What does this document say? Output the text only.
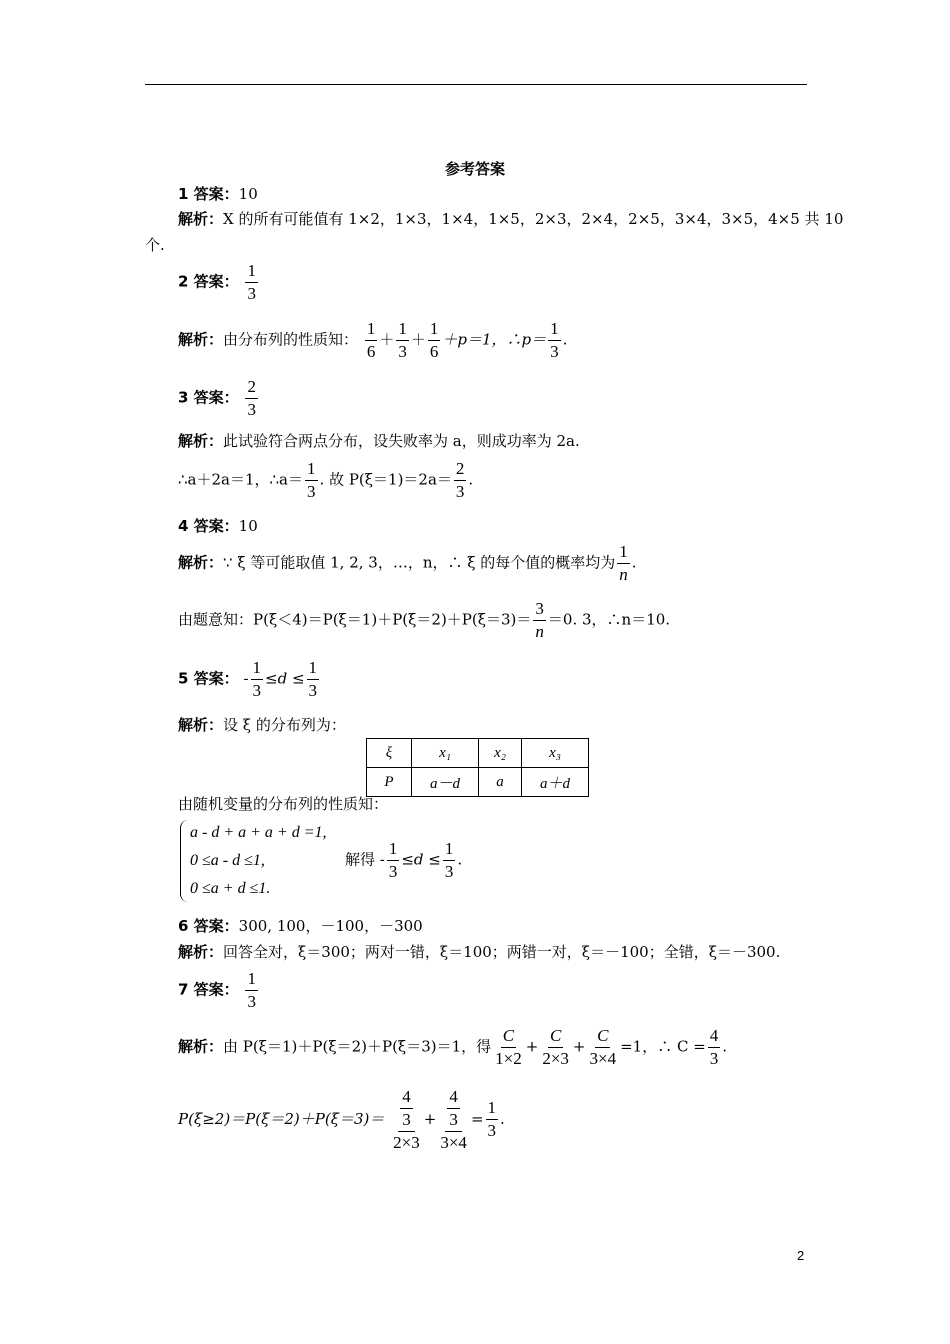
参考答案
1 答案：10
解析：X 的所有可能值有 1×2，1×3，1×4，1×5，2×3，2×4，2×5，3×4，3×5，4×5 共 10
个.
2 答案： $\frac{1}{3}$
解析：由分布列的性质知： $\frac{1}{6} + \frac{1}{3} + \frac{1}{6} +p=1$，∴p＝ $\frac{1}{3}$ .
3 答案： $\frac{2}{3}$
解析：此试验符合两点分布，设失败率为 a，则成功率为 2a.
∴a＋2a＝1，∴a＝ $\frac{1}{3}$ . 故 $P(\xi=1)=2a= \frac{2}{3}$ .
4 答案：10
解析：∵ ξ 等可能取值 1, 2, 3，…，n，∴ ξ 的每个值的概率均为 $\frac{1}{n}$ .
由题意知：$P(\xi<4)=P(\xi=1)+P(\xi=2)+P(\xi=3)= \frac{3}{n} =0$. 3，∴n＝10.
5 答案： - $\frac{1}{3} \le d \le \frac{1}{3}$
解析：设 ξ 的分布列为：
ξ	x₁	x₂	x₃
P	a－d	a	a＋d
由随机变量的分布列的性质知：
a - d + a + a + d =1,
0 ≤a - d ≤1,
0 ≤a + d ≤1.
解得 - $\frac{1}{3} \le d \le \frac{1}{3}$ .
6 答案：300, 100，－100，－300
解析：回答全对，ξ＝300；两对一错，ξ＝100；两错一对，ξ＝－100；全错，ξ＝－300.
7 答案： $\frac{1}{3}$
解析：由 P(ξ＝1)＋P(ξ＝2)＋P(ξ＝3)＝1，得 $\frac{C}{1\times 2} + \frac{C}{2\times 3} + \frac{C}{3\times 4} =1$，∴ $C = \frac{4}{3}$ .
$P(\xi\ge 2)=P(\xi=2)+P(\xi=3)= \frac{\frac{4}{3}}{2\times 3} + \frac{\frac{4}{3}}{3\times 4} = \frac{1}{3}$ .
2
